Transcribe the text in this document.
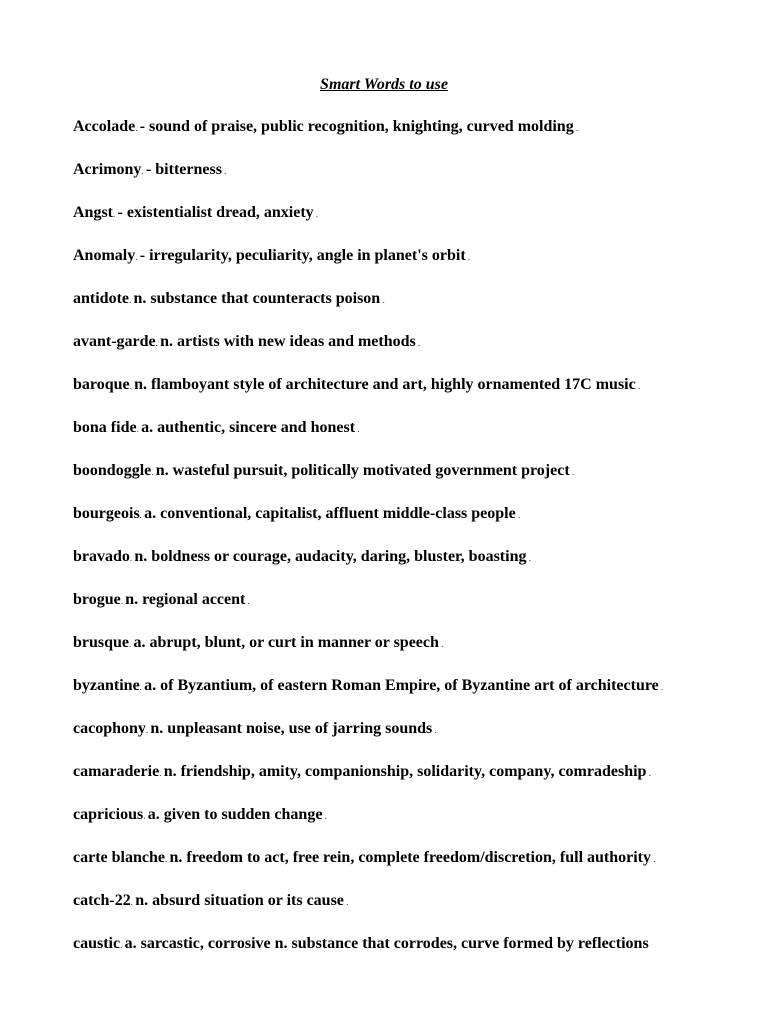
Smart Words to use
Accolade. - sound of praise, public recognition, knighting, curved molding .
Acrimony. - bitterness .
Angst. - existentialist dread, anxiety .
Anomaly. - irregularity, peculiarity, angle in planet's orbit .
antidote. n. substance that counteracts poison .
avant-garde. n. artists with new ideas and methods .
baroque. n. flamboyant style of architecture and art, highly ornamented 17C music .
bona fide. a. authentic, sincere and honest .
boondoggle. n. wasteful pursuit, politically motivated government project .
bourgeois. a. conventional, capitalist, affluent middle-class people .
bravado. n. boldness or courage, audacity, daring, bluster, boasting .
brogue. n. regional accent .
brusque. a. abrupt, blunt, or curt in manner or speech .
byzantine. a. of Byzantium, of eastern Roman Empire, of Byzantine art of architecture .
cacophony. n. unpleasant noise, use of jarring sounds .
camaraderie. n. friendship, amity, companionship, solidarity, company, comradeship .
capricious. a. given to sudden change .
carte blanche. n. freedom to act, free rein, complete freedom/discretion, full authority .
catch-22. n. absurd situation or its cause .
caustic. a. sarcastic, corrosive n. substance that corrodes, curve formed by reflections
